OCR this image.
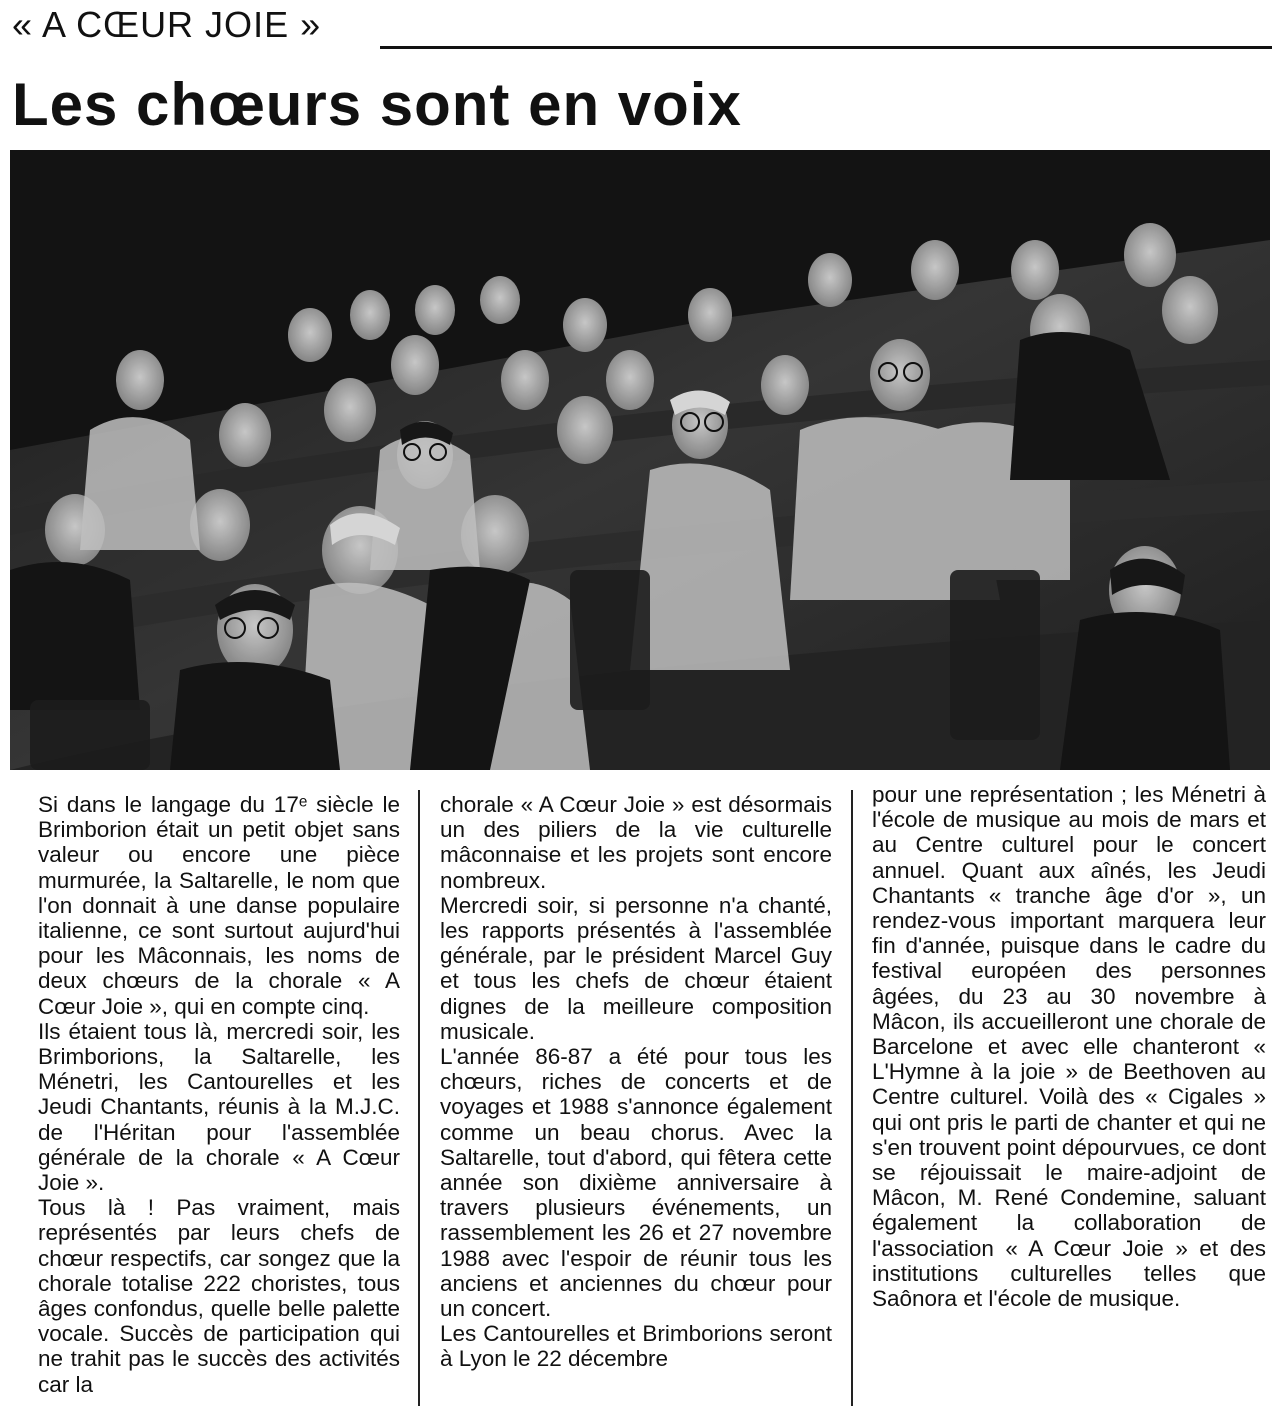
« A CŒUR JOIE »
Les chœurs sont en voix

Si dans le langage du 17ᵉ siècle le Brimborion était un petit objet sans valeur ou encore une pièce murmurée, la Saltarelle, le nom que l'on donnait à une danse populaire italienne, ce sont surtout aujurd'hui pour les Mâconnais, les noms de deux chœurs de la chorale « A Cœur Joie », qui en compte cinq.

Ils étaient tous là, mercredi soir, les Brimborions, la Saltarelle, les Ménetri, les Cantourelles et les Jeudi Chantants, réunis à la M.J.C. de l'Héritan pour l'assemblée générale de la chorale « A Cœur Joie ».

Tous là ! Pas vraiment, mais représentés par leurs chefs de chœur respectifs, car songez que la chorale totalise 222 choristes, tous âges confondus, quelle belle palette vocale. Succès de participation qui ne trahit pas le succès des activités car la

chorale « A Cœur Joie » est désormais un des piliers de la vie culturelle mâconnaise et les projets sont encore nombreux.

Mercredi soir, si personne n'a chanté, les rapports présentés à l'assemblée générale, par le président Marcel Guy et tous les chefs de chœur étaient dignes de la meilleure composition musicale.

L'année 86-87 a été pour tous les chœurs, riches de concerts et de voyages et 1988 s'annonce également comme un beau chorus. Avec la Saltarelle, tout d'abord, qui fêtera cette année son dixième anniversaire à travers plusieurs événements, un rassemblement les 26 et 27 novembre 1988 avec l'espoir de réunir tous les anciens et anciennes du chœur pour un concert.

Les Cantourelles et Brimborions seront à Lyon le 22 décembre

pour une représentation ; les Ménetri à l'école de musique au mois de mars et au Centre culturel pour le concert annuel. Quant aux aînés, les Jeudi Chantants « tranche âge d'or », un rendez-vous important marquera leur fin d'année, puisque dans le cadre du festival européen des personnes âgées, du 23 au 30 novembre à Mâcon, ils accueilleront une chorale de Barcelone et avec elle chanteront « L'Hymne à la joie » de Beethoven au Centre culturel. Voilà des « Cigales » qui ont pris le parti de chanter et qui ne s'en trouvent point dépourvues, ce dont se réjouissait le maire-adjoint de Mâcon, M. René Condemine, saluant également la collaboration de l'association « A Cœur Joie » et des institutions culturelles telles que Saônora et l'école de musique.
